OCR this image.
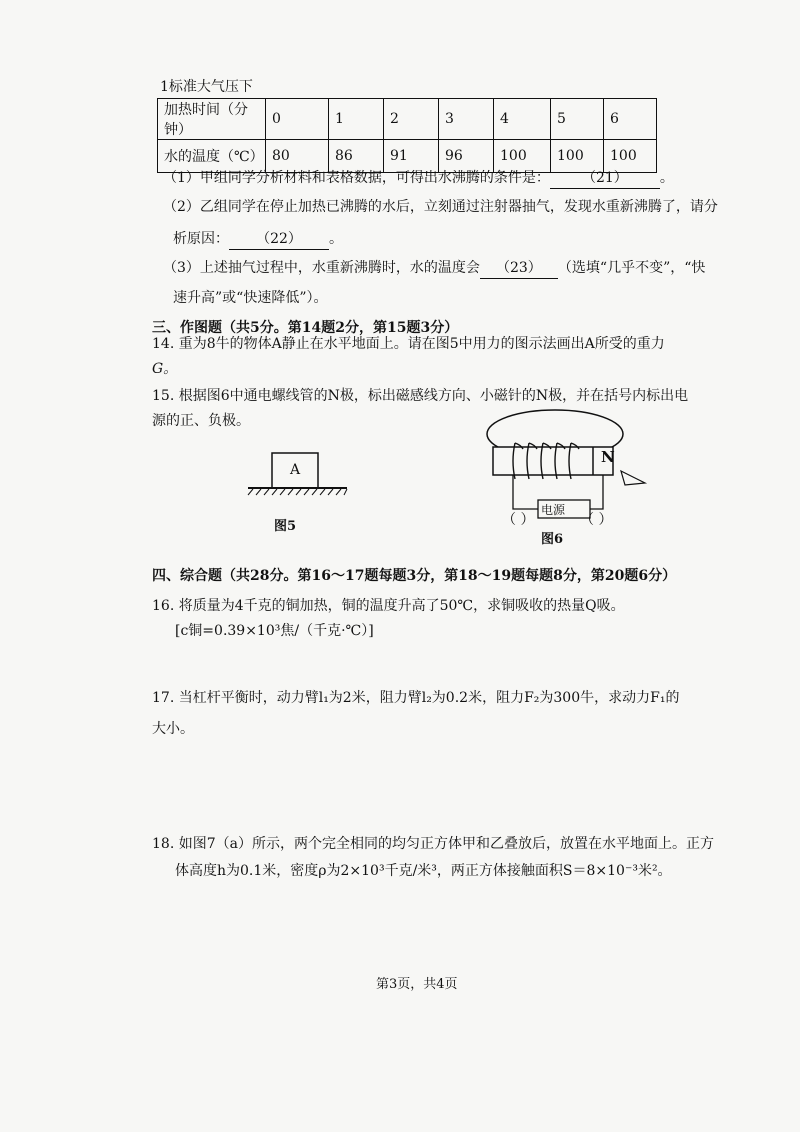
1标准大气压下
加热时间（分钟）	0	1	2	3	4	5	6
水的温度（℃）	80	86	91	96	100	100	100
（1）甲组同学分析材料和表格数据，可得出水沸腾的条件是： （21） 。
（2）乙组同学在停止加热已沸腾的水后，立刻通过注射器抽气，发现水重新沸腾了，请分
析原因： （22） 。
（3）上述抽气过程中，水重新沸腾时，水的温度会 （23） （选填“几乎不变”，“快
速升高”或“快速降低”）。
三、作图题（共5分。第14题2分，第15题3分）
14. 重为8牛的物体A静止在水平地面上。请在图5中用力的图示法画出A所受的重力
G。
15. 根据图6中通电螺线管的N极，标出磁感线方向、小磁针的N极，并在括号内标出电
源的正、负极。
A
图5
N
电源
（ ）	（ ）
图6
四、综合题（共28分。第16～17题每题3分，第18～19题每题8分，第20题6分）
16. 将质量为4千克的铜加热，铜的温度升高了50℃，求铜吸收的热量Q吸。
[c铜=0.39×10³焦/（千克·℃）]
17. 当杠杆平衡时，动力臂l₁为2米，阻力臂l₂为0.2米，阻力F₂为300牛，求动力F₁的
大小。
18. 如图7（a）所示，两个完全相同的均匀正方体甲和乙叠放后，放置在水平地面上。正方
体高度h为0.1米，密度ρ为2×10³千克/米³，两正方体接触面积S＝8×10⁻³米²。
第3页，共4页
